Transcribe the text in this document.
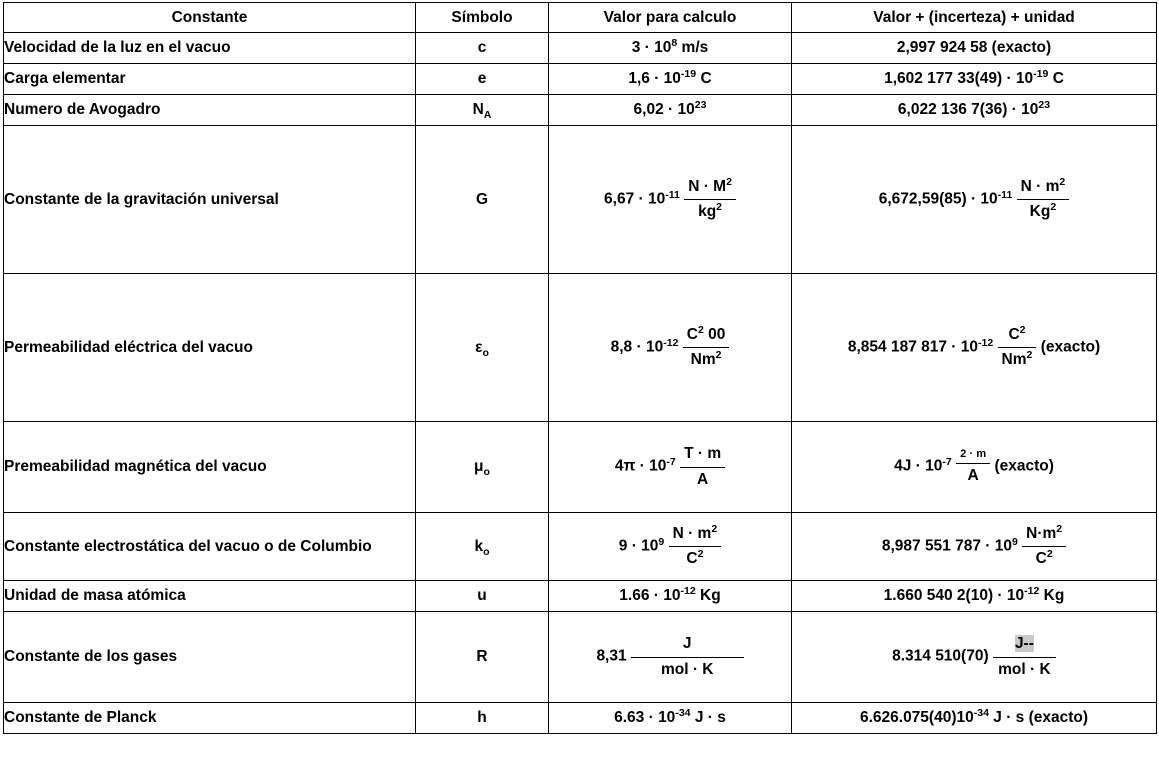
Constante	Símbolo	Valor para calculo	Valor + (incerteza) + unidad
Velocidad de la luz en el vacuo	c	$3 \cdot 10^8$ m/s	2,997 924 58 (exacto)
Carga elementar	e	$1,6 \cdot 10^{-19}$ C	1,602 177 $33(49) \cdot 10^{-19}$ C
Numero de Avogadro	$N_A$	$6,02 \cdot 10^{23}$	6,022 136 $7(36) \cdot 10^{23}$
Constante de la gravitación universal	G	$6,67 \cdot 10^{-11} \frac{N \cdot M^2}{kg^2}$	$6,672,59(85) \cdot 10^{-11} \frac{N \cdot m^2}{Kg^2}$

Permeabilidad eléctrica del vacuo	$\varepsilon_o$	$8,8 \cdot 10^{-12} \frac{C^2 00}{Nm^2}$	8,854 187 $817 \cdot 10^{-12} \frac{C^2}{Nm^2}$ (exacto)
Premeabilidad magnética del vacuo	$\mu_o$	$4\pi \cdot 10^{-7} \frac{T \cdot m}{A}$	$4Ј \cdot 10^{-7} \frac{2 \cdot m}{A}$ (exacto)
Constante electrostática del vacuo o de Columbio	$k_o$	$9 \cdot 10^9 \frac{N \cdot m^2}{C^2}$	8,987 551 $787 \cdot 10^9 \frac{N\cdot m^2}{C^2}$

Unidad de masa atómica	u	$1.66 \cdot 10^{-12}$ Kg	1.660 540 $2(10) \cdot 10^{-12}$ Kg
Constante de los gases	R	$8,31 \frac{J}{\text{mol · K}}$	8.314 $510(70) \frac{J--}{\text{mol · K}}$

Constante de Planck	h	$6.63 \cdot 10^{-34}$ J · s	$6.626.075(40)10^{-34}$ J · s (exacto)
